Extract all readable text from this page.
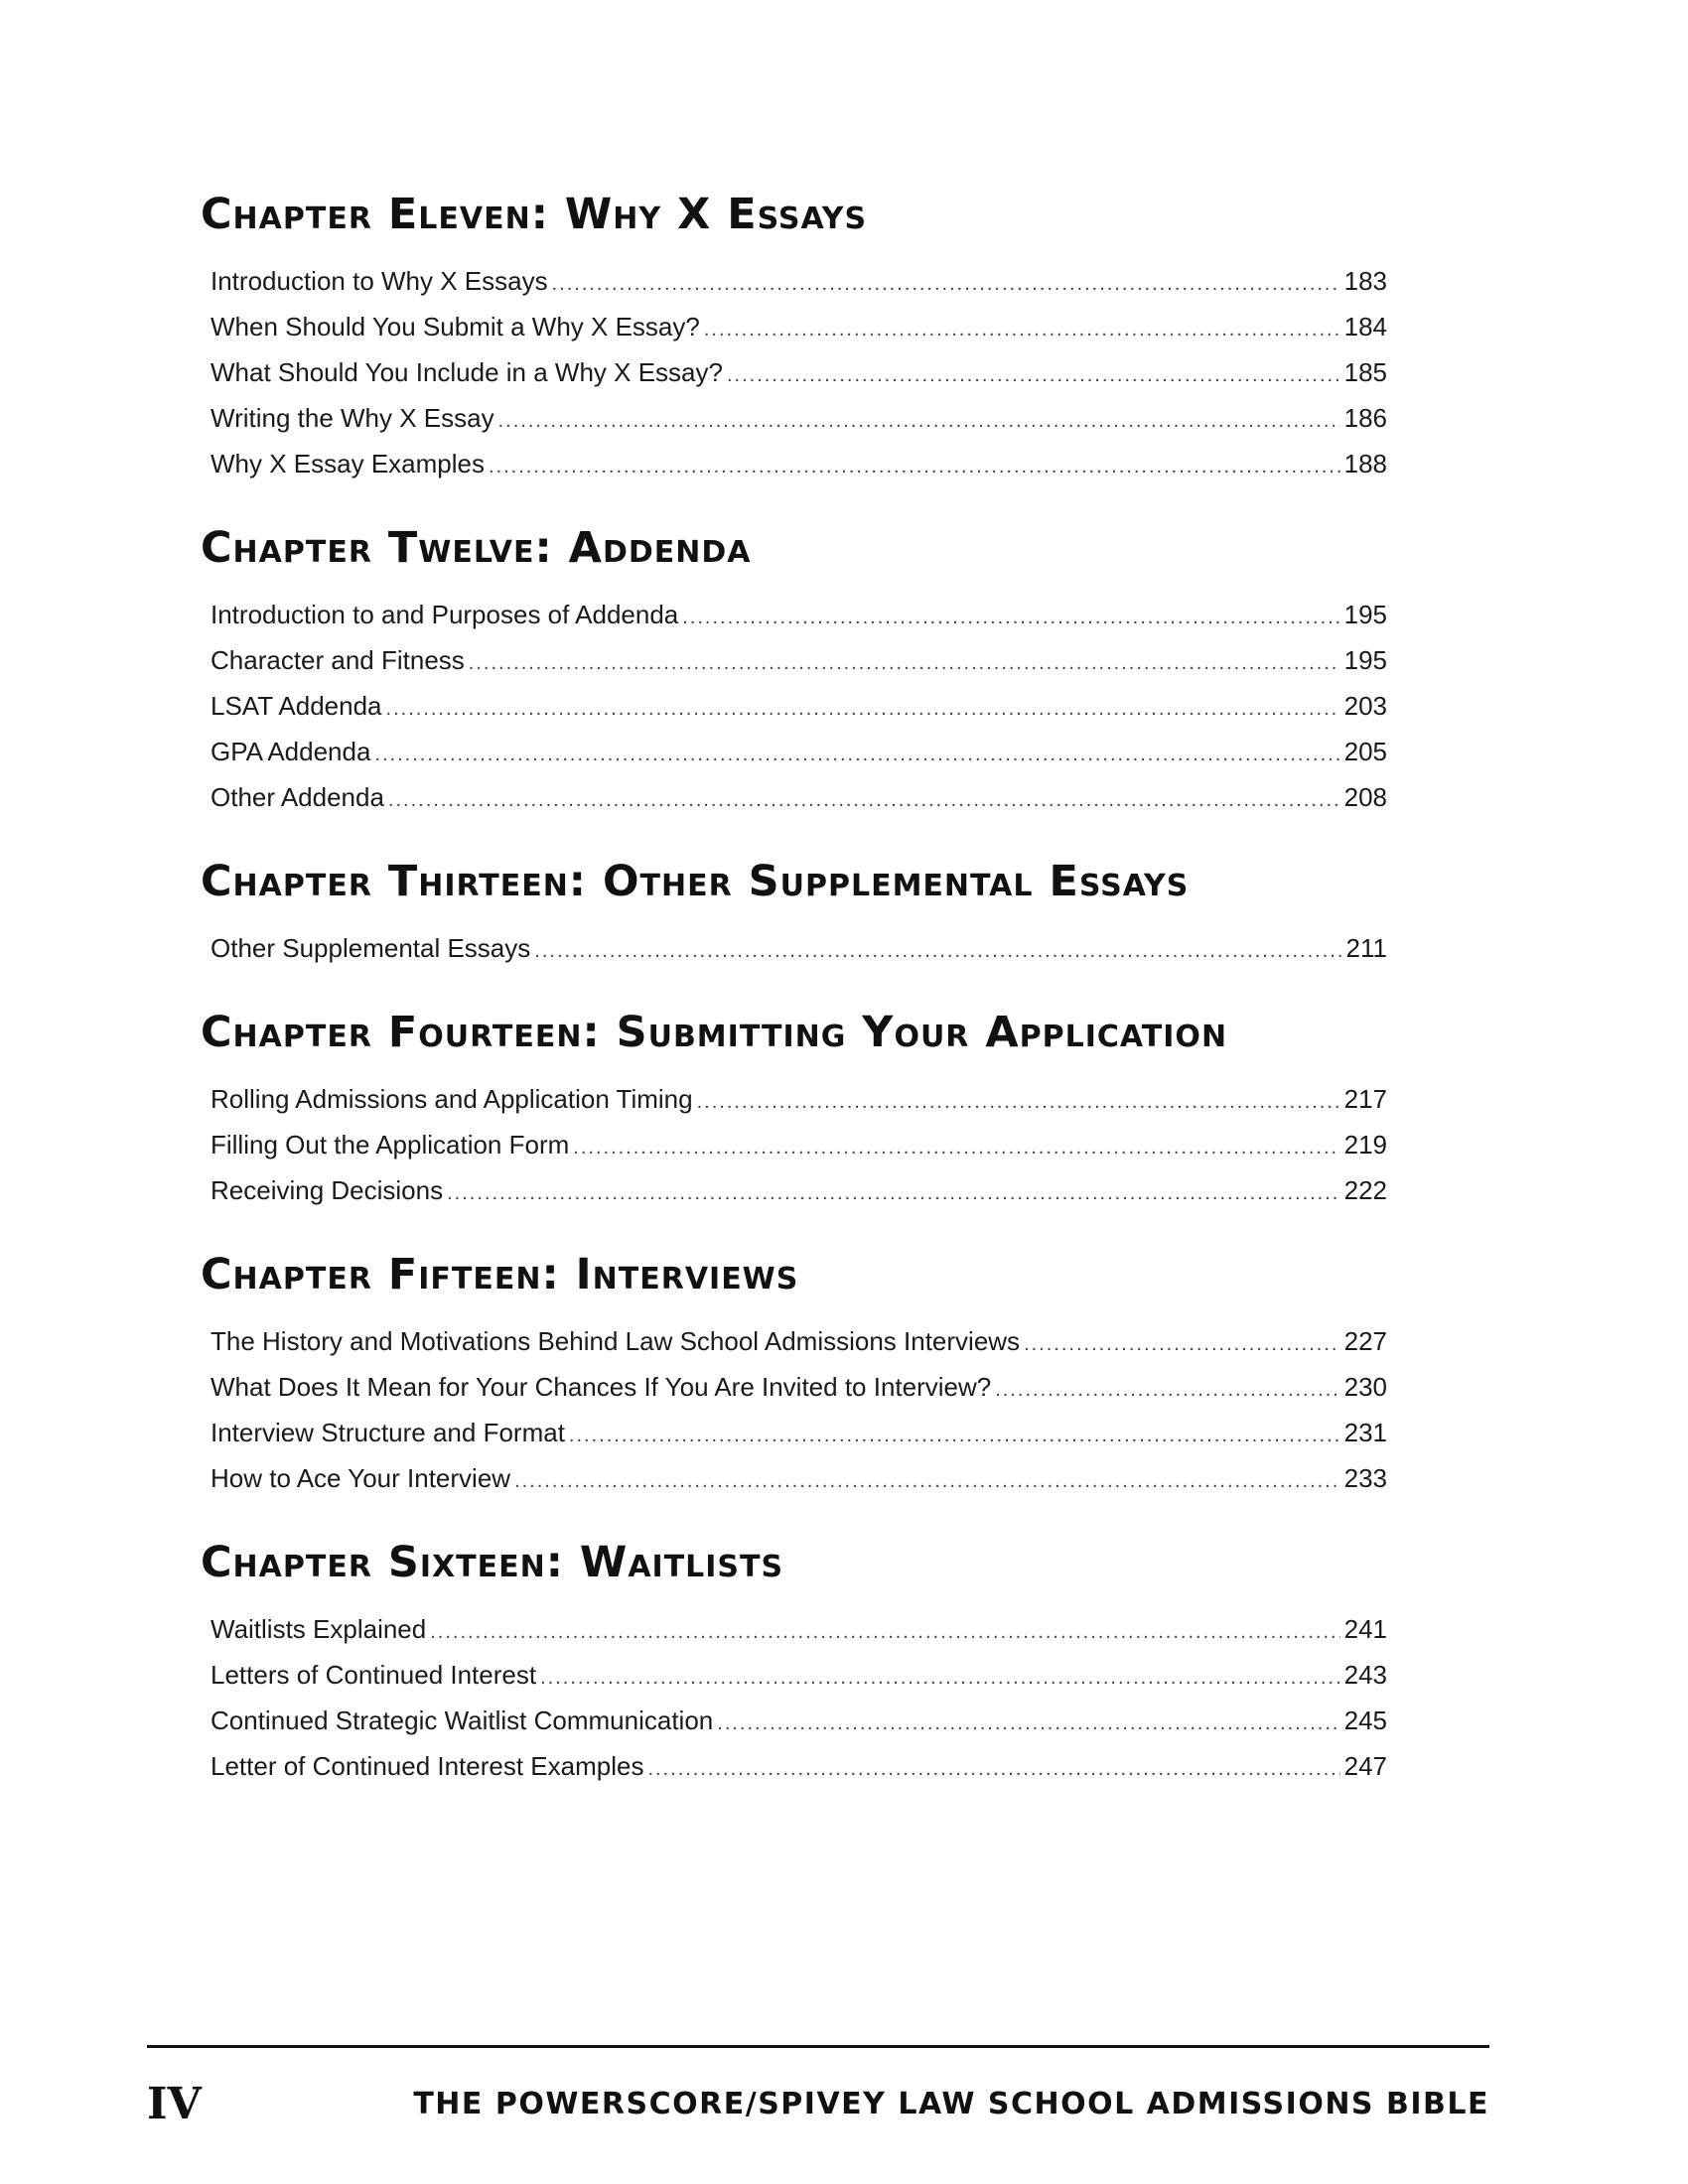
Chapter Eleven: Why X Essays
Introduction to Why X Essays .....	183
When Should You Submit a Why X Essay? .....	184
What Should You Include in a Why X Essay? .....	185
Writing the Why X Essay .....	186
Why X Essay Examples .....	188
Chapter Twelve: Addenda
Introduction to and Purposes of Addenda .....	195
Character and Fitness .....	195
LSAT Addenda .....	203
GPA Addenda .....	205
Other Addenda .....	208
Chapter Thirteen: Other Supplemental Essays
Other Supplemental Essays .....	211
Chapter Fourteen: Submitting Your Application
Rolling Admissions and Application Timing .....	217
Filling Out the Application Form .....	219
Receiving Decisions .....	222
Chapter Fifteen: Interviews
The History and Motivations Behind Law School Admissions Interviews .....	227
What Does It Mean for Your Chances If You Are Invited to Interview? .....	230
Interview Structure and Format .....	231
How to Ace Your Interview .....	233
Chapter Sixteen: Waitlists
Waitlists Explained .....	241
Letters of Continued Interest .....	243
Continued Strategic Waitlist Communication .....	245
Letter of Continued Interest Examples .....	247
IV	THE POWERSCORE/SPIVEY LAW SCHOOL ADMISSIONS BIBLE
